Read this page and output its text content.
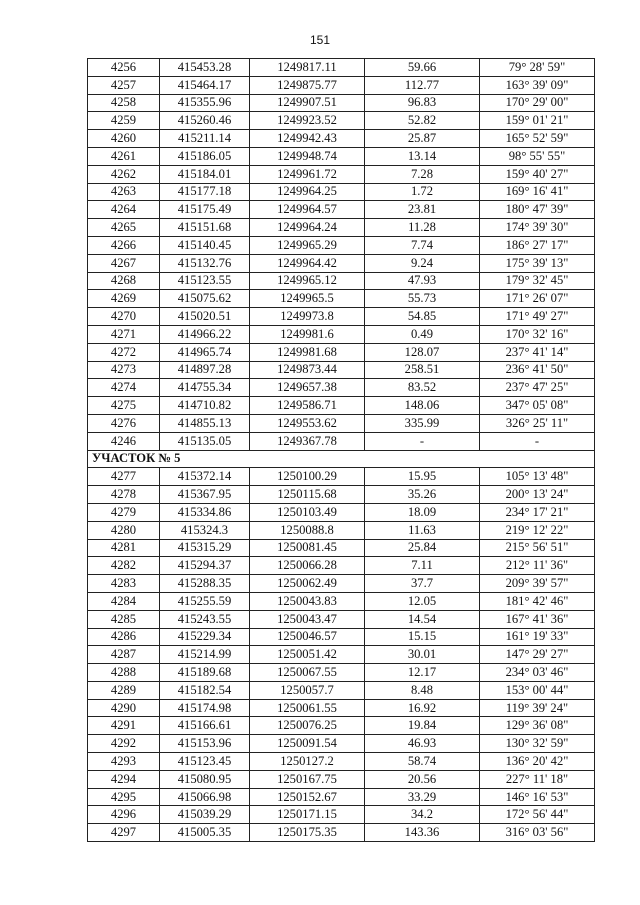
151
4256	415453.28	1249817.11	59.66	79° 28' 59"
4257	415464.17	1249875.77	112.77	163° 39' 09"
4258	415355.96	1249907.51	96.83	170° 29' 00"
4259	415260.46	1249923.52	52.82	159° 01' 21"
4260	415211.14	1249942.43	25.87	165° 52' 59"
4261	415186.05	1249948.74	13.14	98° 55' 55"
4262	415184.01	1249961.72	7.28	159° 40' 27"
4263	415177.18	1249964.25	1.72	169° 16' 41"
4264	415175.49	1249964.57	23.81	180° 47' 39"
4265	415151.68	1249964.24	11.28	174° 39' 30"
4266	415140.45	1249965.29	7.74	186° 27' 17"
4267	415132.76	1249964.42	9.24	175° 39' 13"
4268	415123.55	1249965.12	47.93	179° 32' 45"
4269	415075.62	1249965.5	55.73	171° 26' 07"
4270	415020.51	1249973.8	54.85	171° 49' 27"
4271	414966.22	1249981.6	0.49	170° 32' 16"
4272	414965.74	1249981.68	128.07	237° 41' 14"
4273	414897.28	1249873.44	258.51	236° 41' 50"
4274	414755.34	1249657.38	83.52	237° 47' 25"
4275	414710.82	1249586.71	148.06	347° 05' 08"
4276	414855.13	1249553.62	335.99	326° 25' 11"
4246	415135.05	1249367.78	-	-
УЧАСТОК № 5				
4277	415372.14	1250100.29	15.95	105° 13' 48"
4278	415367.95	1250115.68	35.26	200° 13' 24"
4279	415334.86	1250103.49	18.09	234° 17' 21"
4280	415324.3	1250088.8	11.63	219° 12' 22"
4281	415315.29	1250081.45	25.84	215° 56' 51"
4282	415294.37	1250066.28	7.11	212° 11' 36"
4283	415288.35	1250062.49	37.7	209° 39' 57"
4284	415255.59	1250043.83	12.05	181° 42' 46"
4285	415243.55	1250043.47	14.54	167° 41' 36"
4286	415229.34	1250046.57	15.15	161° 19' 33"
4287	415214.99	1250051.42	30.01	147° 29' 27"
4288	415189.68	1250067.55	12.17	234° 03' 46"
4289	415182.54	1250057.7	8.48	153° 00' 44"
4290	415174.98	1250061.55	16.92	119° 39' 24"
4291	415166.61	1250076.25	19.84	129° 36' 08"
4292	415153.96	1250091.54	46.93	130° 32' 59"
4293	415123.45	1250127.2	58.74	136° 20' 42"
4294	415080.95	1250167.75	20.56	227° 11' 18"
4295	415066.98	1250152.67	33.29	146° 16' 53"
4296	415039.29	1250171.15	34.2	172° 56' 44"
4297	415005.35	1250175.35	143.36	316° 03' 56"
